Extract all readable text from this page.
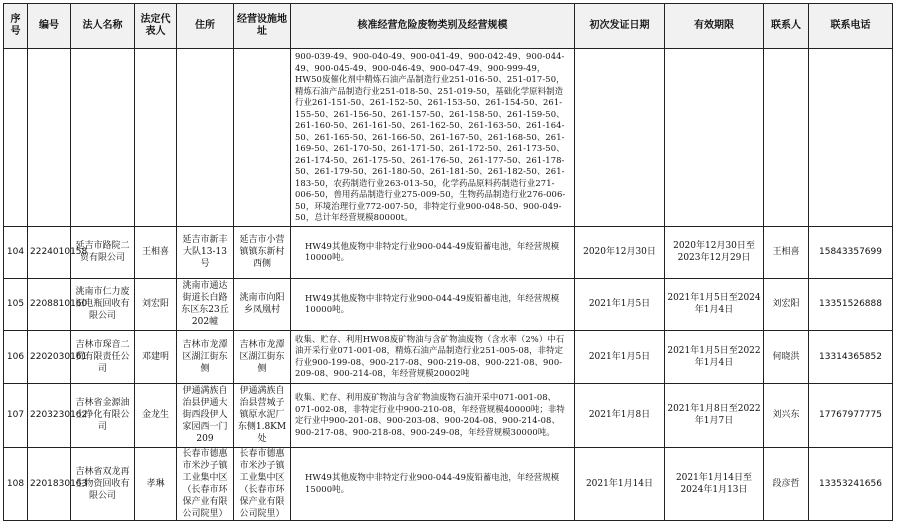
序号	编号	法人名称	法定代表人	住所	经营设施地址	核准经营危险废物类别及经营规模	初次发证日期	有效期限	联系人	联系电话
						900-039-49、900-040-49、900-041-49、900-042-49、900-044-49、900-045-49、900-046-49、900-047-49、900-999-49，HW50废催化剂中精炼石油产品制造行业251-016-50、251-017-50，精炼石油产品制造行业251-018-50、251-019-50，基础化学原料制造行业261-151-50、261-152-50、261-153-50、261-154-50、261-155-50、261-156-50、261-157-50、261-158-50、261-159-50、261-160-50、261-161-50、261-162-50、261-163-50、261-164-50、261-165-50、261-166-50、261-167-50、261-168-50、261-169-50、261-170-50、261-171-50、261-172-50、261-173-50、261-174-50、261-175-50、261-176-50、261-177-50、261-178-50、261-179-50、261-180-50、261-181-50、261-182-50、261-183-50，农药制造行业263-013-50，化学药品原料药制造行业271-006-50，兽用药品制造行业275-009-50，生物药品制造行业276-006-50，环境治理行业772-007-50，非特定行业900-048-50、900-049-50，总计年经营规模80000t。				
104	2224010158	延吉市路院二贸有限公司	王相喜	延吉市新丰大队13-13号	延吉市小营镇镇东新村西侧	HW49其他废物中非特定行业900-044-49废铅蓄电池，年经营规模10000吨。	2020年12月30日	2020年12月30日至2023年12月29日	王相喜	15843357699
105	2208810160	洮南市仁力废旧电瓶回收有限公司	刘宏阳	洮南市通达街道长白路东区东23丘202幢	洮南市向阳乡凤凰村	HW49其他废物中非特定行业900-044-49废铅蓄电池，年经营规模10000吨。	2021年1月5日	2021年1月5日至2024年1月4日	刘宏阳	13351526888
106	2202030161	吉林市琛音二贸有限责任公司	邓建明	吉林市龙潭区湖江街东侧	吉林市龙潭区湖江街东侧	收集、贮存、利用HW08废矿物油与含矿物油废物（含水率（2%）中石油开采行业071-001-08，精炼石油产品制造行业251-005-08，非特定行业900-199-08、900-217-08、900-219-08、900-221-08、900-209-08、900-214-08，年经营规模20002吨	2021年1月5日	2021年1月5日至2022年1月4日	何晓洪	13314365852
107	2203230162	吉林省金源油土净化有限公司	金龙生	伊通满族自治县伊通大街西段伊人家园西一门209	伊通满族自治县营城子镇原水泥厂东侧1.8KM处	收集、贮存、利用废矿物油与含矿物油废物石油开采中071-001-08、071-002-08，非特定行业中900-210-08，年经营规模40000吨；非特定行业中900-201-08、900-203-08、900-204-08、900-214-08、900-217-08、900-218-08、900-249-08，年经营规模30000吨。	2021年1月8日	2021年1月8日至2022年1月7日	刘兴东	17767977775
108	2201830163	吉林省双龙再生物资回收有限公司	孝琳	长春市德惠市米沙子镇工业集中区（长春市环保产业有限公司院里）	长春市德惠市米沙子镇工业集中区（长春市环保产业有限公司院里）	HW49其他废物中非特定行业900-044-49废铅蓄电池，年经营规模15000吨。	2021年1月14日	2021年1月14日至2024年1月13日	段彦哲	13353241656
